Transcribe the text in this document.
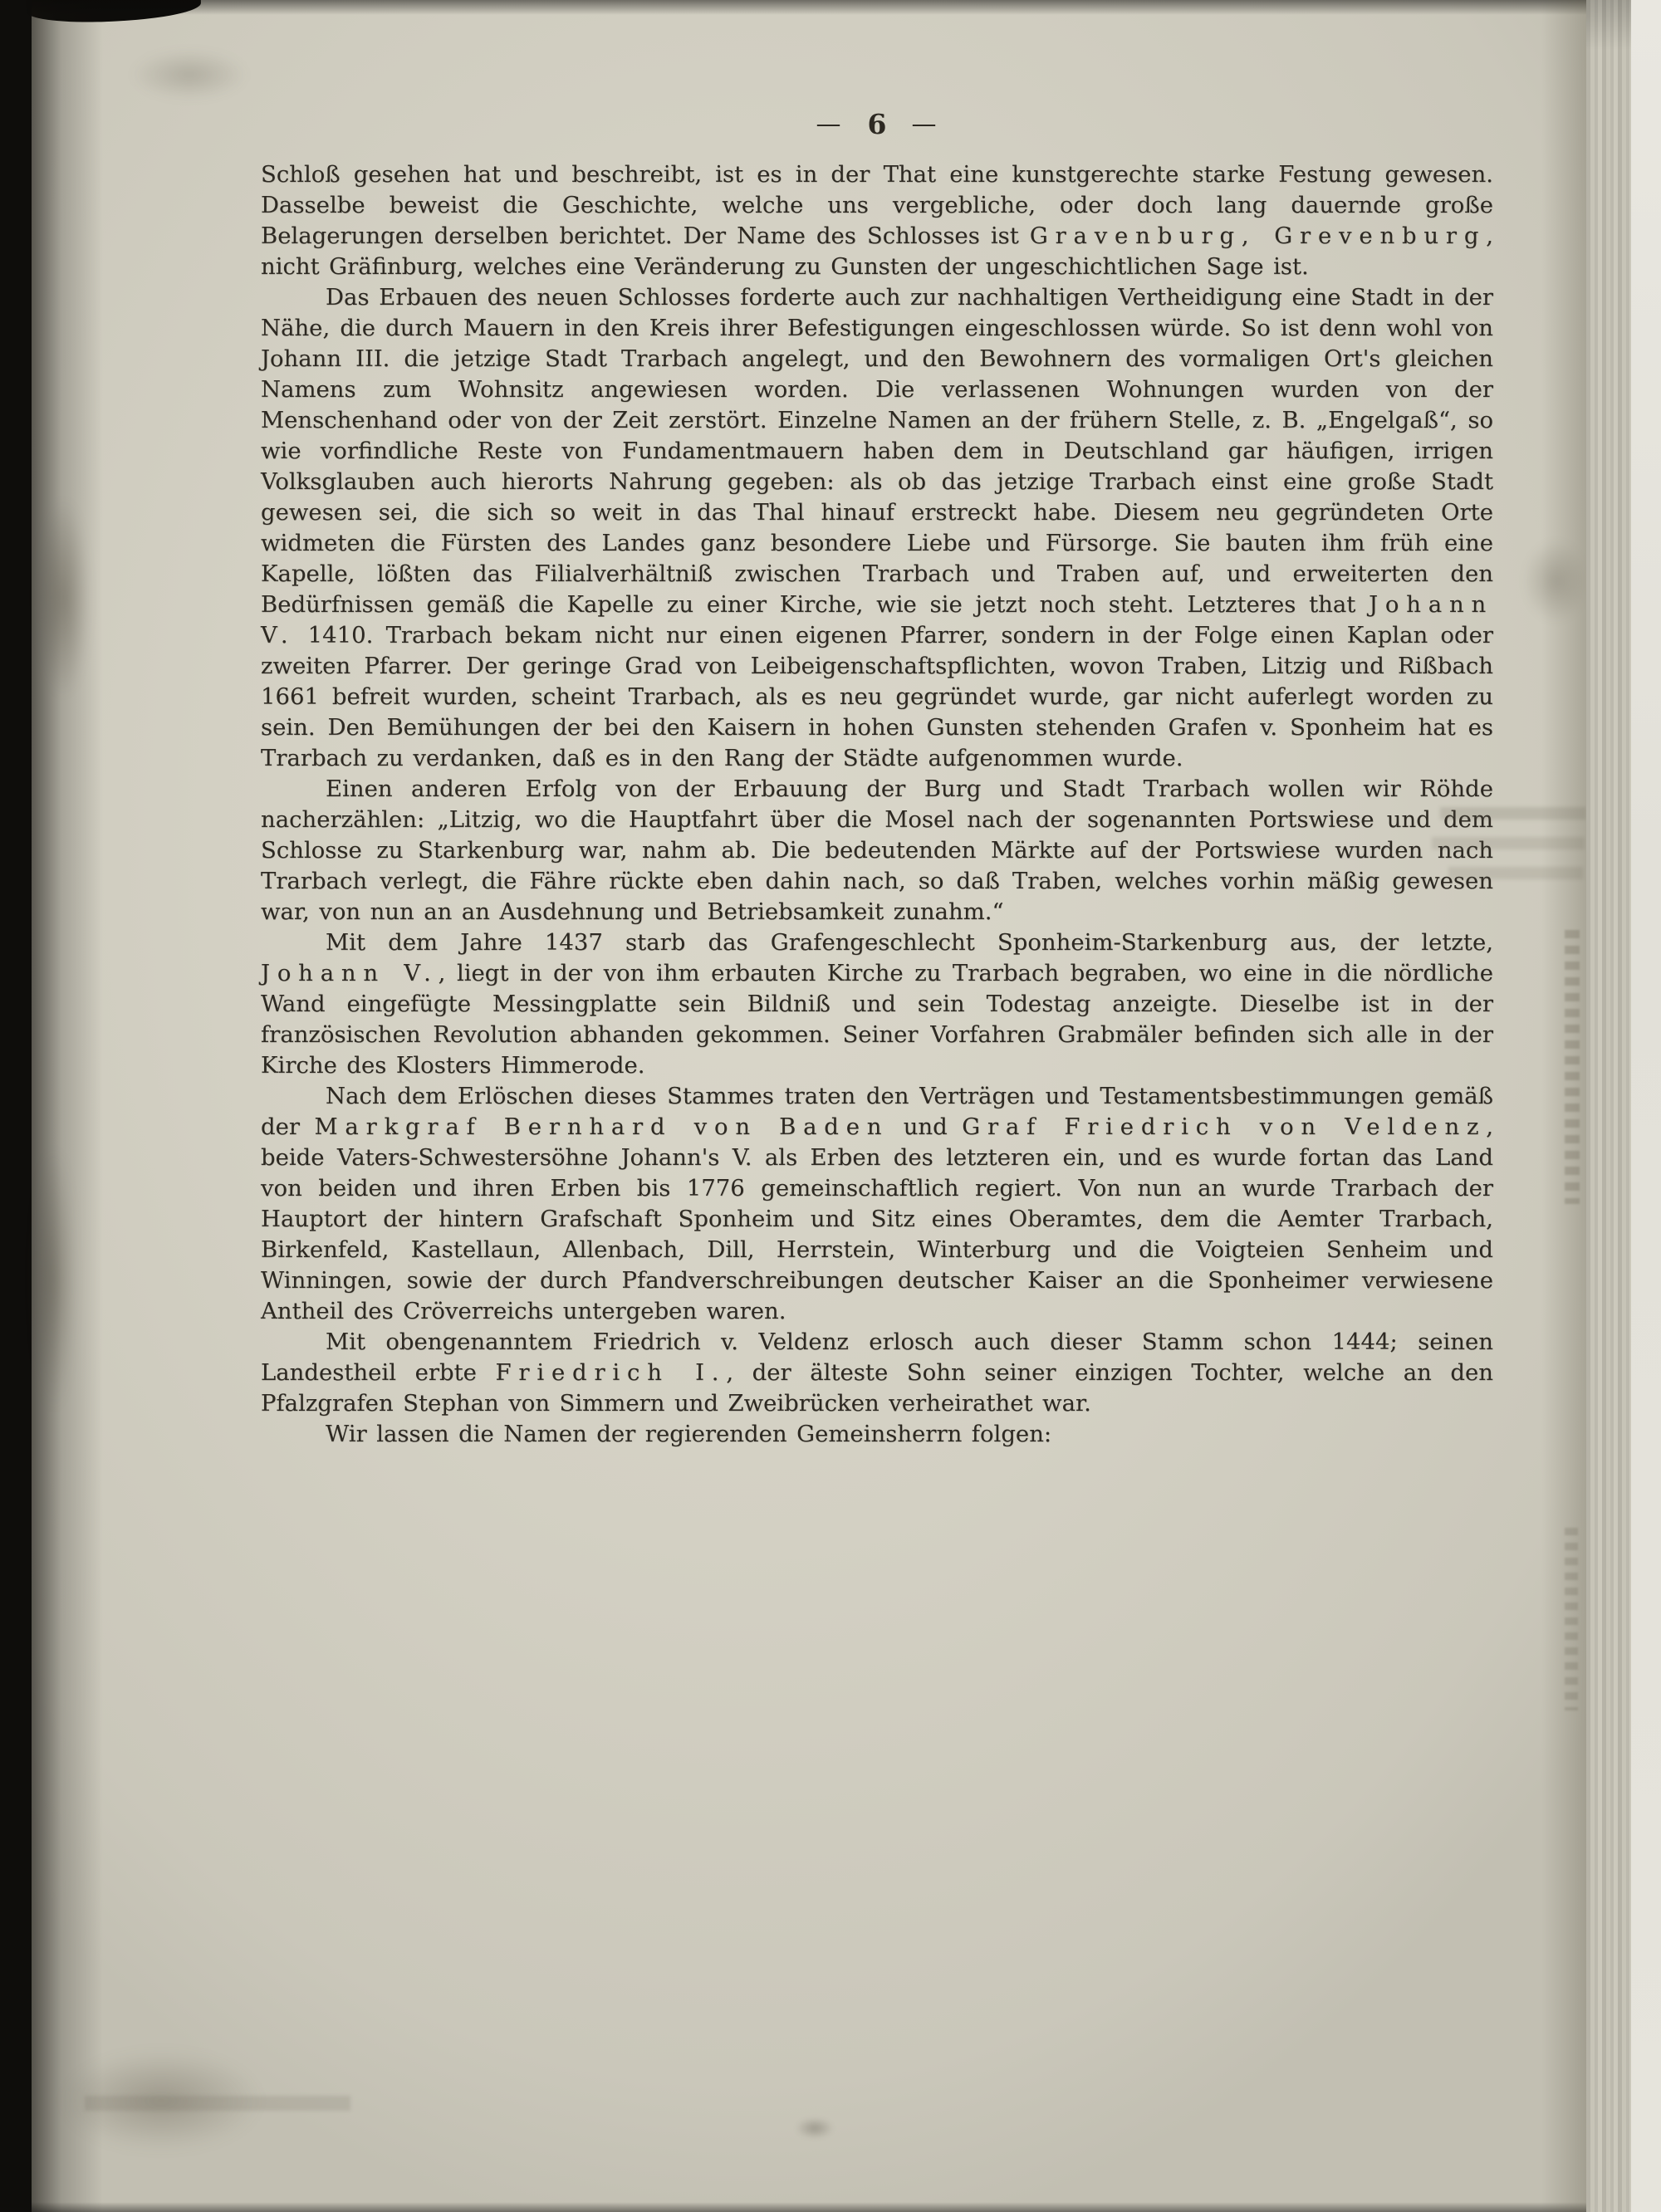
— 6 —

Schloß gesehen hat und beschreibt, ist es in der That eine kunstgerechte starke Festung gewesen. Dasselbe beweist die Geschichte, welche uns vergebliche, oder doch lang dauernde große Belagerungen derselben berichtet. Der Name des Schlosses ist Gravenburg, Grevenburg, nicht Gräfinburg, welches eine Veränderung zu Gunsten der ungeschichtlichen Sage ist.

Das Erbauen des neuen Schlosses forderte auch zur nachhaltigen Vertheidigung eine Stadt in der Nähe, die durch Mauern in den Kreis ihrer Befestigungen eingeschlossen würde. So ist denn wohl von Johann III. die jetzige Stadt Trarbach angelegt, und den Bewohnern des vormaligen Ort's gleichen Namens zum Wohnsitz angewiesen worden. Die verlassenen Wohnungen wurden von der Menschenhand oder von der Zeit zerstört. Einzelne Namen an der frühern Stelle, z. B. „Engelgaß“, so wie vorfindliche Reste von Fundamentmauern haben dem in Deutschland gar häufigen, irrigen Volksglauben auch hierorts Nahrung gegeben: als ob das jetzige Trarbach einst eine große Stadt gewesen sei, die sich so weit in das Thal hinauf erstreckt habe. Diesem neu gegründeten Orte widmeten die Fürsten des Landes ganz besondere Liebe und Fürsorge. Sie bauten ihm früh eine Kapelle, lößten das Filialverhältniß zwischen Trarbach und Traben auf, und erweiterten den Bedürfnissen gemäß die Kapelle zu einer Kirche, wie sie jetzt noch steht. Letzteres that Johann V. 1410. Trarbach bekam nicht nur einen eigenen Pfarrer, sondern in der Folge einen Kaplan oder zweiten Pfarrer. Der geringe Grad von Leibeigenschaftspflichten, wovon Traben, Litzig und Rißbach 1661 befreit wurden, scheint Trarbach, als es neu gegründet wurde, gar nicht auferlegt worden zu sein. Den Bemühungen der bei den Kaisern in hohen Gunsten stehenden Grafen v. Sponheim hat es Trarbach zu verdanken, daß es in den Rang der Städte aufgenommen wurde.

Einen anderen Erfolg von der Erbauung der Burg und Stadt Trarbach wollen wir Röhde nacherzählen: „Litzig, wo die Hauptfahrt über die Mosel nach der sogenannten Portswiese und dem Schlosse zu Starkenburg war, nahm ab. Die bedeutenden Märkte auf der Portswiese wurden nach Trarbach verlegt, die Fähre rückte eben dahin nach, so daß Traben, welches vorhin mäßig gewesen war, von nun an an Ausdehnung und Betriebsamkeit zunahm.“

Mit dem Jahre 1437 starb das Grafengeschlecht Sponheim-Starkenburg aus, der letzte, Johann V., liegt in der von ihm erbauten Kirche zu Trarbach begraben, wo eine in die nördliche Wand eingefügte Messingplatte sein Bildniß und sein Todestag anzeigte. Dieselbe ist in der französischen Revolution abhanden gekommen. Seiner Vorfahren Grabmäler befinden sich alle in der Kirche des Klosters Himmerode.

Nach dem Erlöschen dieses Stammes traten den Verträgen und Testamentsbestimmungen gemäß der Markgraf Bernhard von Baden und Graf Friedrich von Veldenz, beide Vaters-Schwestersöhne Johann's V. als Erben des letzteren ein, und es wurde fortan das Land von beiden und ihren Erben bis 1776 gemeinschaftlich regiert. Von nun an wurde Trarbach der Hauptort der hintern Grafschaft Sponheim und Sitz eines Oberamtes, dem die Aemter Trarbach, Birkenfeld, Kastellaun, Allenbach, Dill, Herrstein, Winterburg und die Voigteien Senheim und Winningen, sowie der durch Pfandverschreibungen deutscher Kaiser an die Sponheimer verwiesene Antheil des Cröverreichs untergeben waren.

Mit obengenanntem Friedrich v. Veldenz erlosch auch dieser Stamm schon 1444; seinen Landestheil erbte Friedrich I., der älteste Sohn seiner einzigen Tochter, welche an den Pfalzgrafen Stephan von Simmern und Zweibrücken verheirathet war.

Wir lassen die Namen der regierenden Gemeinsherrn folgen:
